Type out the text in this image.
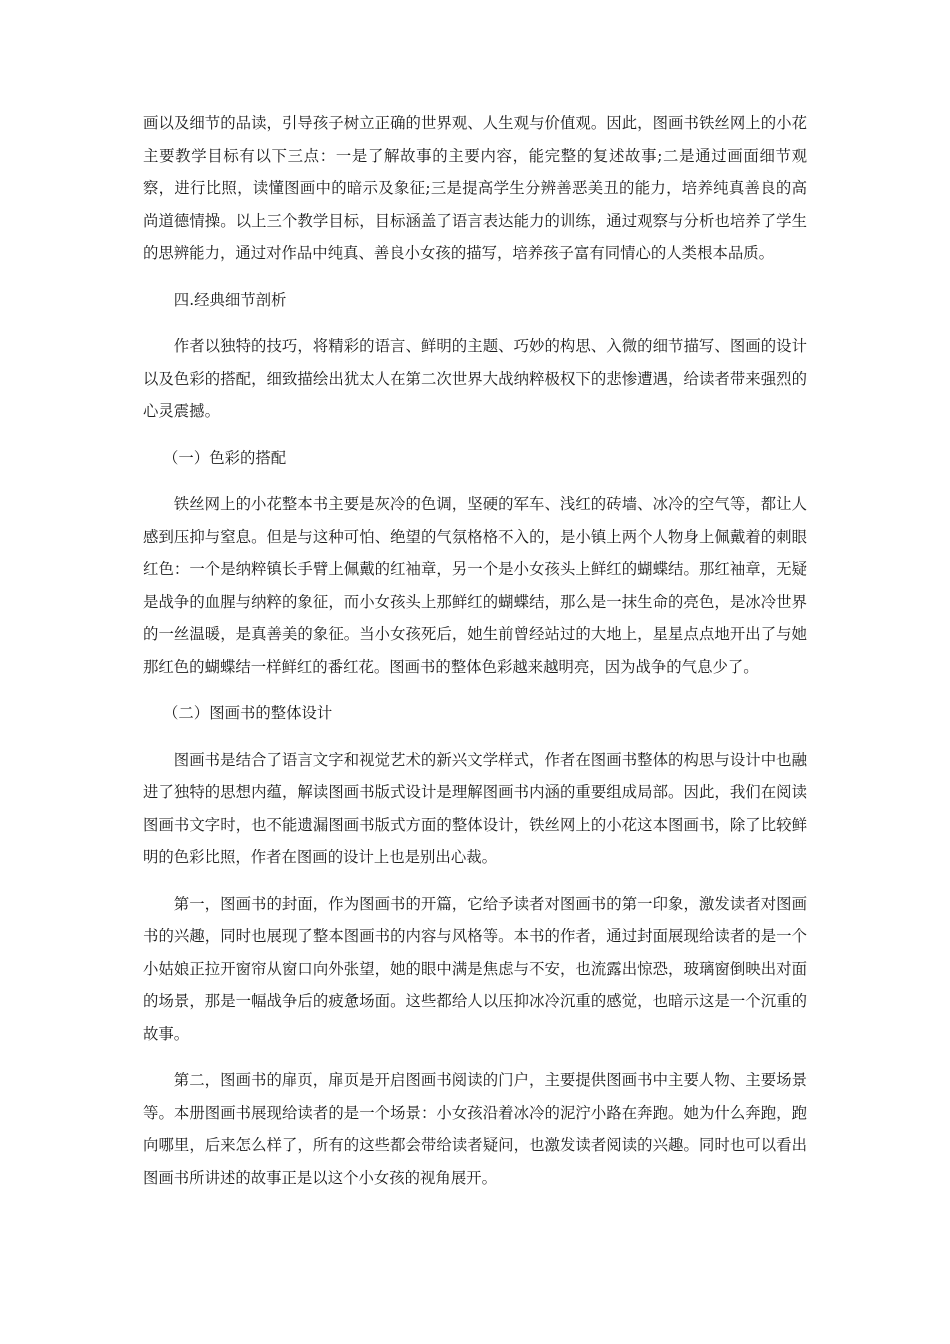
画以及细节的品读，引导孩子树立正确的世界观、人生观与价值观。因此，图画书铁丝网上的小花主要教学目标有以下三点：一是了解故事的主要内容，能完整的复述故事;二是通过画面细节观察，进行比照，读懂图画中的暗示及象征;三是提高学生分辨善恶美丑的能力，培养纯真善良的高尚道德情操。以上三个教学目标，目标涵盖了语言表达能力的训练，通过观察与分析也培养了学生的思辨能力，通过对作品中纯真、善良小女孩的描写，培养孩子富有同情心的人类根本品质。

四.经典细节剖析

作者以独特的技巧，将精彩的语言、鲜明的主题、巧妙的构思、入微的细节描写、图画的设计以及色彩的搭配，细致描绘出犹太人在第二次世界大战纳粹极权下的悲惨遭遇，给读者带来强烈的心灵震撼。

（一）色彩的搭配

铁丝网上的小花整本书主要是灰冷的色调，坚硬的军车、浅红的砖墙、冰冷的空气等，都让人感到压抑与窒息。但是与这种可怕、绝望的气氛格格不入的，是小镇上两个人物身上佩戴着的刺眼红色：一个是纳粹镇长手臂上佩戴的红袖章，另一个是小女孩头上鲜红的蝴蝶结。那红袖章，无疑是战争的血腥与纳粹的象征，而小女孩头上那鲜红的蝴蝶结，那么是一抹生命的亮色，是冰冷世界的一丝温暖，是真善美的象征。当小女孩死后，她生前曾经站过的大地上，星星点点地开出了与她那红色的蝴蝶结一样鲜红的番红花。图画书的整体色彩越来越明亮，因为战争的气息少了。

（二）图画书的整体设计

图画书是结合了语言文字和视觉艺术的新兴文学样式，作者在图画书整体的构思与设计中也融进了独特的思想内蕴，解读图画书版式设计是理解图画书内涵的重要组成局部。因此，我们在阅读图画书文字时，也不能遗漏图画书版式方面的整体设计，铁丝网上的小花这本图画书，除了比较鲜明的色彩比照，作者在图画的设计上也是别出心裁。

第一，图画书的封面，作为图画书的开篇，它给予读者对图画书的第一印象，激发读者对图画书的兴趣，同时也展现了整本图画书的内容与风格等。本书的作者，通过封面展现给读者的是一个小姑娘正拉开窗帘从窗口向外张望，她的眼中满是焦虑与不安，也流露出惊恐，玻璃窗倒映出对面的场景，那是一幅战争后的疲惫场面。这些都给人以压抑冰冷沉重的感觉，也暗示这是一个沉重的故事。

第二，图画书的扉页，扉页是开启图画书阅读的门户，主要提供图画书中主要人物、主要场景等。本册图画书展现给读者的是一个场景：小女孩沿着冰冷的泥泞小路在奔跑。她为什么奔跑，跑向哪里，后来怎么样了，所有的这些都会带给读者疑问，也激发读者阅读的兴趣。同时也可以看出图画书所讲述的故事正是以这个小女孩的视角展开。
